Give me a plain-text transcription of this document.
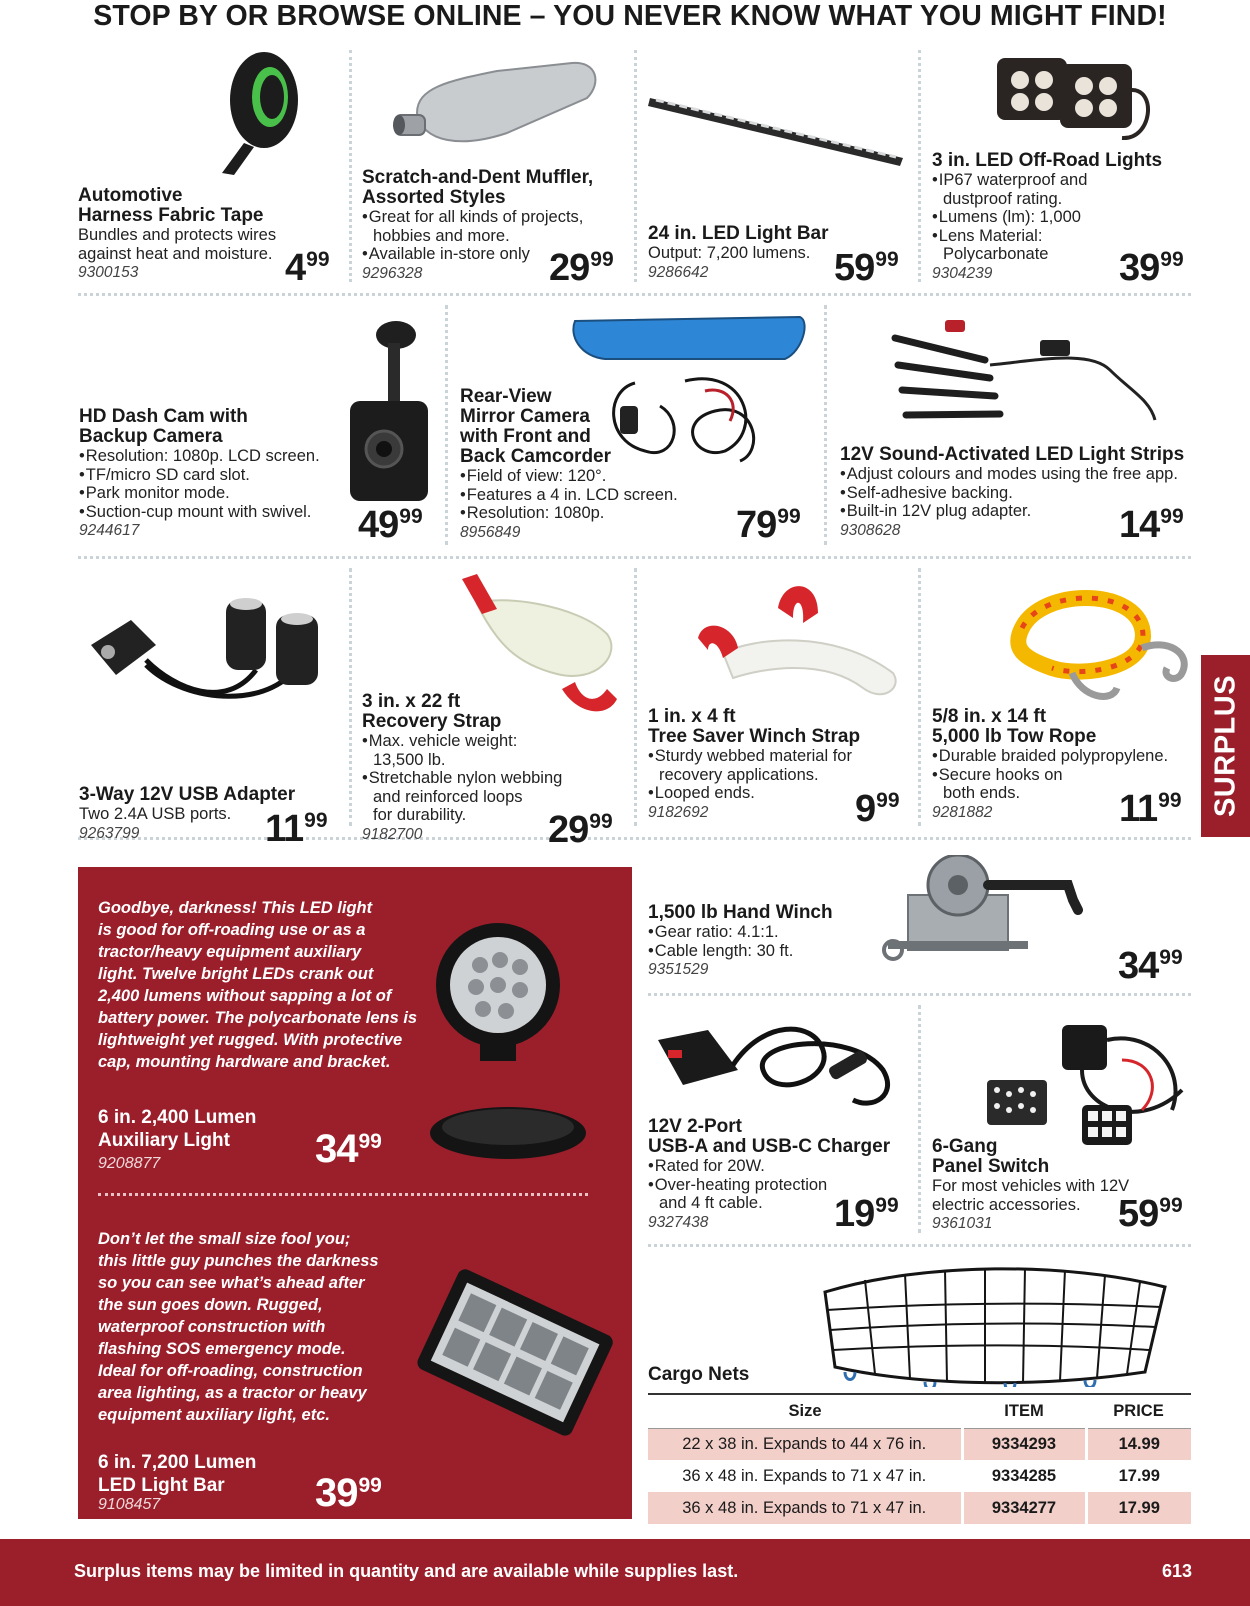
STOP BY OR BROWSE ONLINE – YOU NEVER KNOW WHAT YOU MIGHT FIND!
Automotive
Harness Fabric Tape
Bundles and protects wires
against heat and moisture.
9300153	499
Scratch-and-Dent Muffler,
Assorted Styles
• Great for all kinds of projects,
hobbies and more.
• Available in-store only
9296328	2999
24 in. LED Light Bar
Output: 7,200 lumens.
9286642	5999
3 in. LED Off-Road Lights
• IP67 waterproof and
dustproof rating.
• Lumens (lm): 1,000
• Lens Material:
Polycarbonate
9304239	3999
HD Dash Cam with
Backup Camera
• Resolution: 1080p. LCD screen.
• TF/micro SD card slot.
• Park monitor mode.
• Suction-cup mount with swivel.
9244617	4999
Rear-View
Mirror Camera
with Front and
Back Camcorder
• Field of view: 120°.
• Features a 4 in. LCD screen.
• Resolution: 1080p.
8956849	7999
12V Sound-Activated LED Light Strips
• Adjust colours and modes using the free app.
• Self-adhesive backing.
• Built-in 12V plug adapter.
9308628	1499
3-Way 12V USB Adapter
Two 2.4A USB ports.
9263799	1199
3 in. x 22 ft
Recovery Strap
• Max. vehicle weight:
13,500 lb.
• Stretchable nylon webbing
and reinforced loops
for durability.
9182700	2999
1 in. x 4 ft
Tree Saver Winch Strap
• Sturdy webbed material for
recovery applications.
• Looped ends.
9182692	999
5/8 in. x 14 ft
5,000 lb Tow Rope
• Durable braided polypropylene.
• Secure hooks on
both ends.
9281882	1199
Goodbye, darkness! This LED light
is good for off-roading use or as a
tractor/heavy equipment auxiliary
light. Twelve bright LEDs crank out
2,400 lumens without sapping a lot of
battery power. The polycarbonate lens is
lightweight yet rugged. With protective
cap, mounting hardware and bracket.
6 in. 2,400 Lumen
Auxiliary Light
9208877	3499
Don’t let the small size fool you;
this little guy punches the darkness
so you can see what’s ahead after
the sun goes down. Rugged,
waterproof construction with
flashing SOS emergency mode.
Ideal for off-roading, construction
area lighting, as a tractor or heavy
equipment auxiliary light, etc.
6 in. 7,200 Lumen
LED Light Bar
9108457	3999
1,500 lb Hand Winch
• Gear ratio: 4.1:1.
• Cable length: 30 ft.
9351529	3499
12V 2-Port
USB-A and USB-C Charger
• Rated for 20W.
• Over-heating protection
and 4 ft cable.
9327438	1999
6-Gang
Panel Switch
For most vehicles with 12V
electric accessories.
9361031	5999
Cargo Nets
Size	ITEM	PRICE
22 x 38 in. Expands to 44 x 76 in.	9334293	14.99
36 x 48 in. Expands to 71 x 47 in.	9334285	17.99
36 x 48 in. Expands to 71 x 47 in.	9334277	17.99
SURPLUS
Surplus items may be limited in quantity and are available while supplies last.	613
